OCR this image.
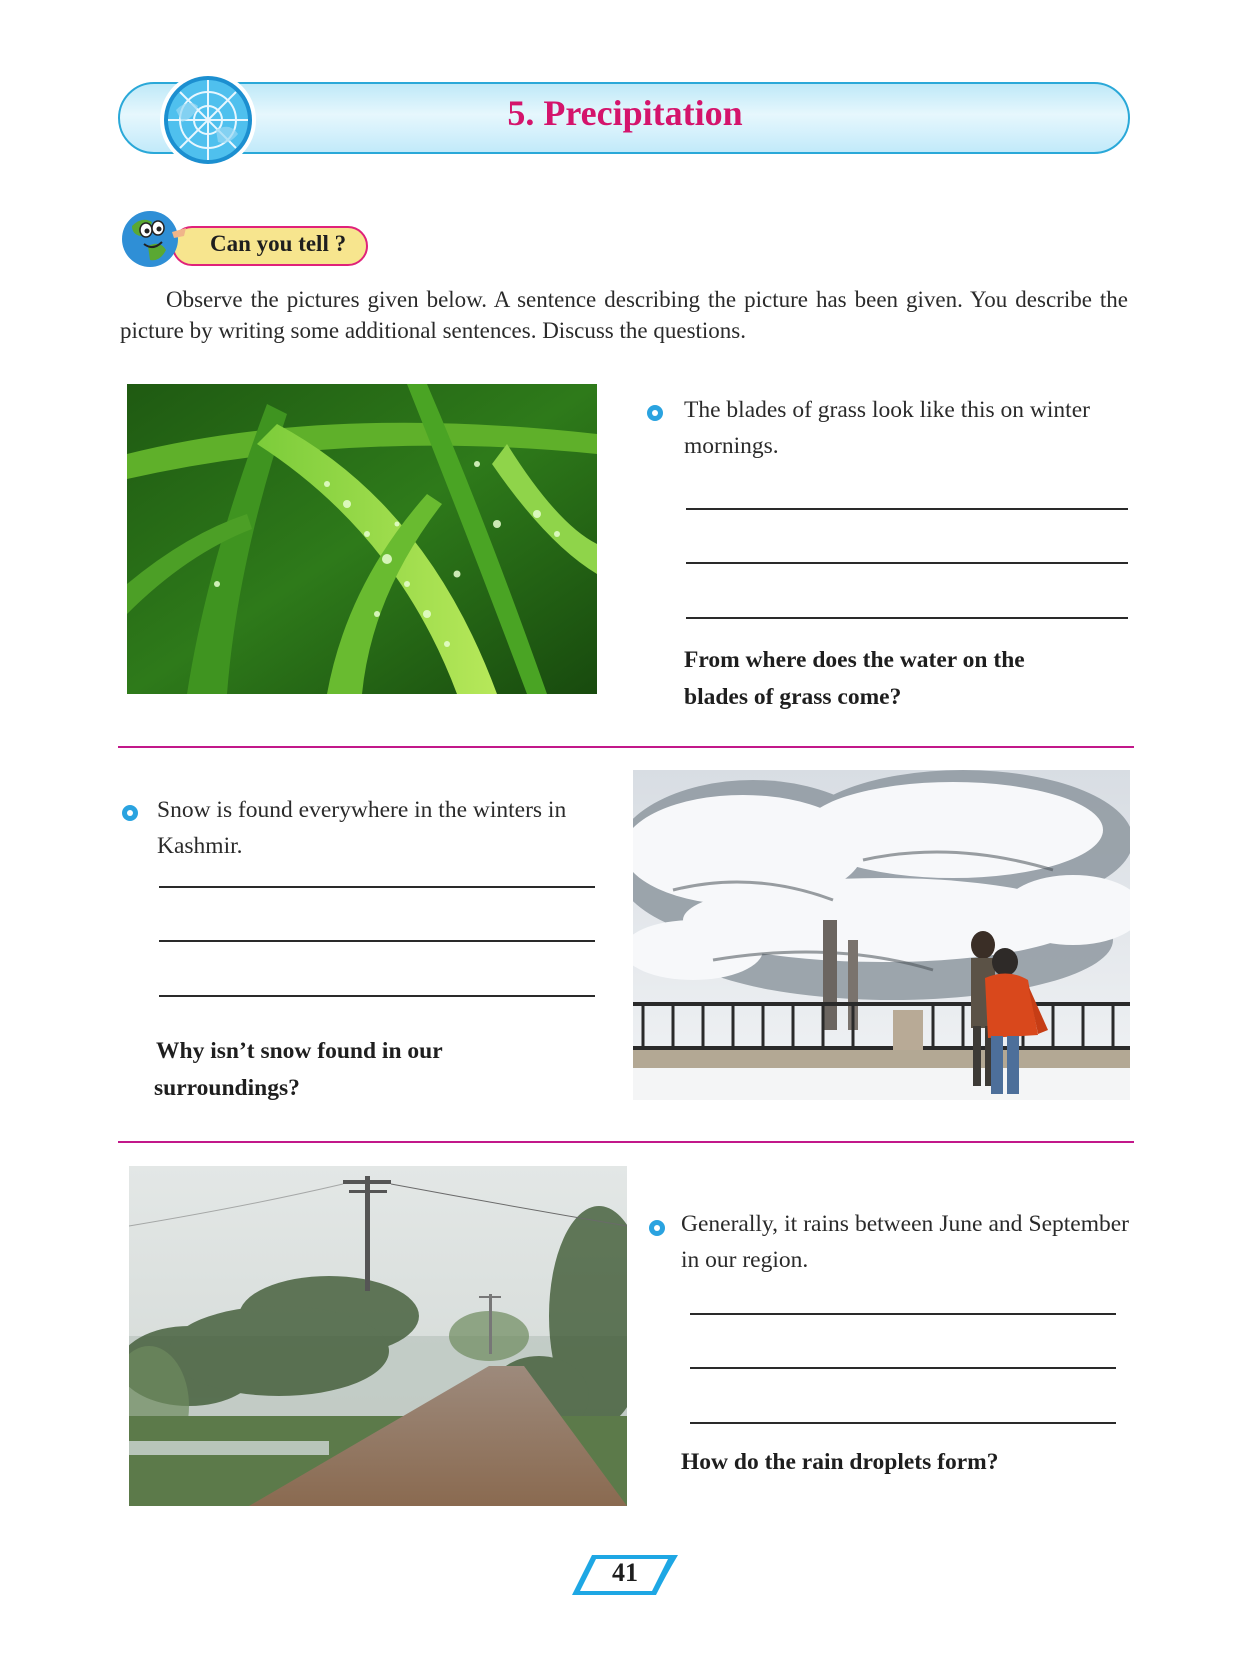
5. Precipitation
Can you tell ?
Observe the pictures given below. A sentence describing the picture has been given. You describe the picture by writing some additional sentences. Discuss the questions.
The blades of grass look like this on winter mornings.
From where does the water on the
blades of grass come?
Snow is found everywhere in the winters in Kashmir.
Why isn’t snow found in our
surroundings?
Generally, it rains between June and September in our region.
How do the rain droplets form?
41
